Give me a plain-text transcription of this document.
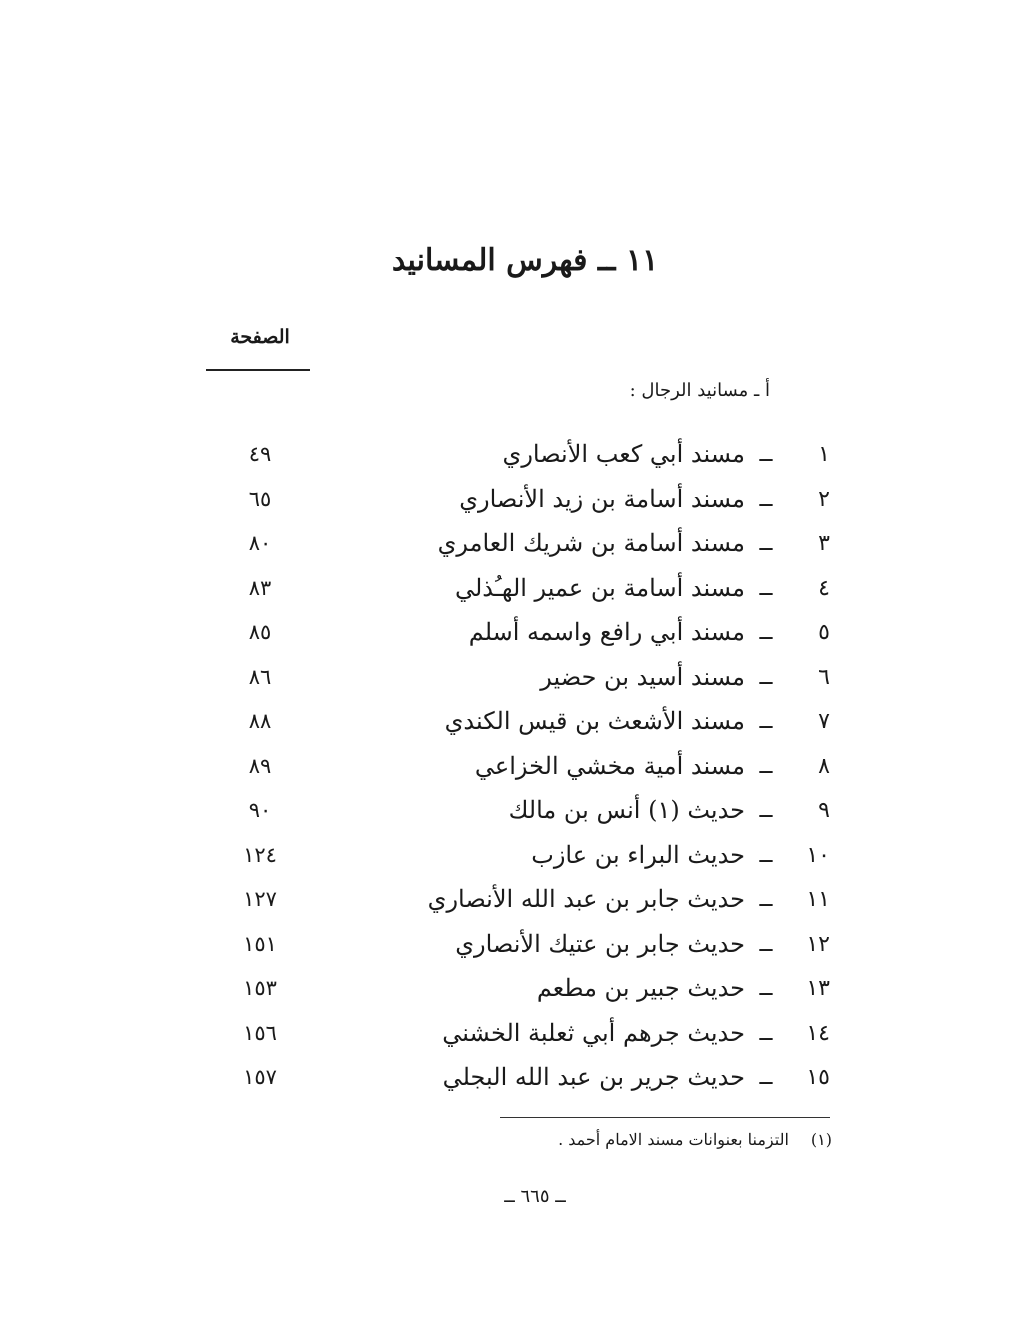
١١ ــ فهرس المسانيد
الصفحة
أ ـ مسانيد الرجال :
١
ــ
مسند أبي كعب الأنصاري
٤٩
٢
ــ
مسند أسامة بن زيد الأنصاري
٦٥
٣
ــ
مسند أسامة بن شريك العامري
٨٠
٤
ــ
مسند أسامة بن عمير الهـُذلي
٨٣
٥
ــ
مسند أبي رافع واسمه أسلم
٨٥
٦
ــ
مسند أسيد بن حضير
٨٦
٧
ــ
مسند الأشعث بن قيس الكندي
٨٨
٨
ــ
مسند أمية مخشي الخزاعي
٨٩
٩
ــ
حديث (١) أنس بن مالك
٩٠
١٠
ــ
حديث البراء بن عازب
١٢٤
١١
ــ
حديث جابر بن عبد الله الأنصاري
١٢٧
١٢
ــ
حديث جابر بن عتيك الأنصاري
١٥١
١٣
ــ
حديث جبير بن مطعم
١٥٣
١٤
ــ
حديث جرهم أبي ثعلبة الخشني
١٥٦
١٥
ــ
حديث جرير بن عبد الله البجلي
١٥٧
(١)التزمنا بعنوانات مسند الامام أحمد .
ــ ٦٦٥ ــ
